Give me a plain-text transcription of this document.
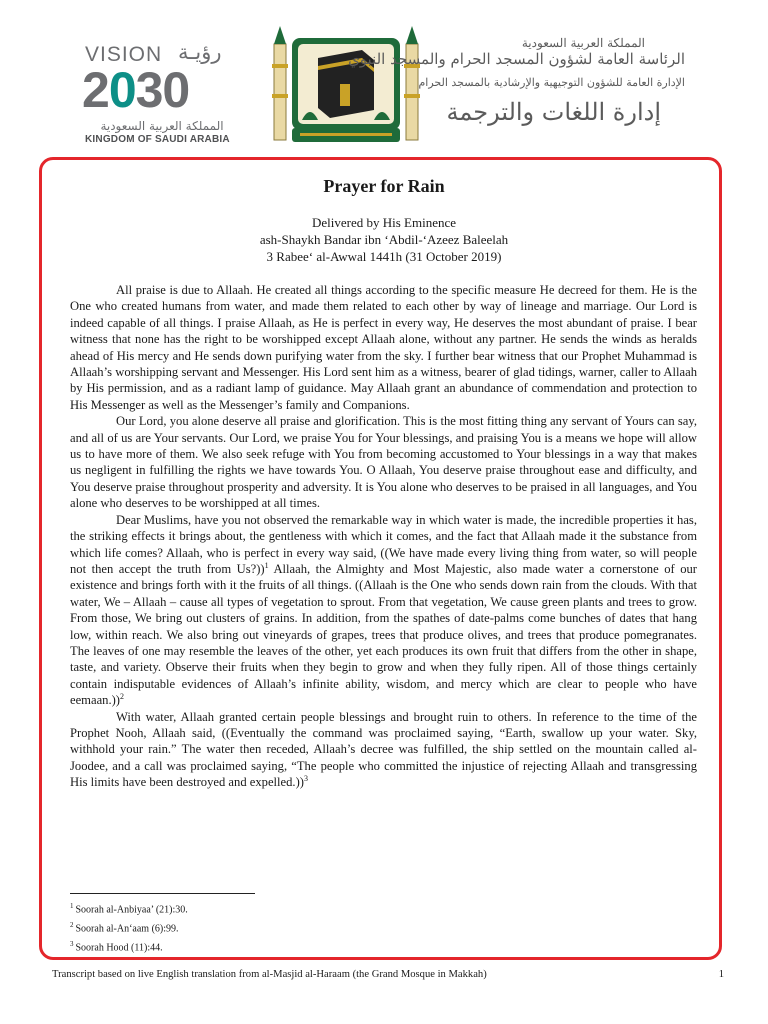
VISION رؤيـة
2030
المملكة العربية السعودية
KINGDOM OF SAUDI ARABIA
المملكة العربية السعودية
الرئاسة العامة لشؤون المسجد الحرام والمسجد النبوي
الإدارة العامة للشؤون التوجيهية والإرشادية بالمسجد الحرام
إدارة اللغات والترجمة
Prayer for Rain
Delivered by His Eminence
ash-Shaykh Bandar ibn ‘Abdil-‘Azeez Baleelah
3 Rabee‘ al-Awwal 1441h (31 October 2019)

All praise is due to Allaah. He created all things according to the specific measure He decreed for them. He is the One who created humans from water, and made them related to each other by way of lineage and marriage. Our Lord is indeed capable of all things. I praise Allaah, as He is perfect in every way, He deserves the most abundant of praise. I bear witness that none has the right to be worshipped except Allaah alone, without any partner. He sends the winds as heralds ahead of His mercy and He sends down purifying water from the sky. I further bear witness that our Prophet Muhammad is Allaah’s worshipping servant and Messenger. His Lord sent him as a witness, bearer of glad tidings, warner, caller to Allaah by His permission, and as a radiant lamp of guidance. May Allaah grant an abundance of commendation and protection to His Messenger as well as the Messenger’s family and Companions.

Our Lord, you alone deserve all praise and glorification. This is the most fitting thing any servant of Yours can say, and all of us are Your servants. Our Lord, we praise You for Your blessings, and praising You is a means we hope will allow us to have more of them. We also seek refuge with You from becoming accustomed to Your blessings in a way that makes us negligent in fulfilling the rights we have towards You. O Allaah, You deserve praise throughout ease and difficulty, and You deserve praise throughout prosperity and adversity. It is You alone who deserves to be praised in all languages, and You alone who deserves to be worshipped at all times.

Dear Muslims, have you not observed the remarkable way in which water is made, the incredible properties it has, the striking effects it brings about, the gentleness with which it comes, and the fact that Allaah made it the substance from which life comes? Allaah, who is perfect in every way said, ((We have made every living thing from water, so will people not then accept the truth from Us?))$^1$ Allaah, the Almighty and Most Majestic, also made water a cornerstone of our existence and brings forth with it the fruits of all things. ((Allaah is the One who sends down rain from the clouds. With that water, We – Allaah – cause all types of vegetation to sprout. From that vegetation, We cause green plants and trees to grow. From those, We bring out clusters of grains. In addition, from the spathes of date-palms come bunches of dates that hang low, within reach. We also bring out vineyards of grapes, trees that produce olives, and trees that produce pomegranates. The leaves of one may resemble the leaves of the other, yet each produces its own fruit that differs from the other in shape, taste, and variety. Observe their fruits when they begin to grow and when they fully ripen. All of those things certainly contain indisputable evidences of Allaah’s infinite ability, wisdom, and mercy which are clear to people who have eemaan.))$^2$

With water, Allaah granted certain people blessings and brought ruin to others. In reference to the time of the Prophet Nooh, Allaah said, ((Eventually the command was proclaimed saying, “Earth, swallow up your water. Sky, withhold your rain.” The water then receded, Allaah’s decree was fulfilled, the ship settled on the mountain called al-Joodee, and a call was proclaimed saying, “The people who committed the injustice of rejecting Allaah and transgressing His limits have been destroyed and expelled.))$^3$

$^1$ Soorah al-Anbiyaa’ (21):30.
$^2$ Soorah al-An‘aam (6):99.
$^3$ Soorah Hood (11):44.
Transcript based on live English translation from al-Masjid al-Haraam (the Grand Mosque in Makkah)	1
